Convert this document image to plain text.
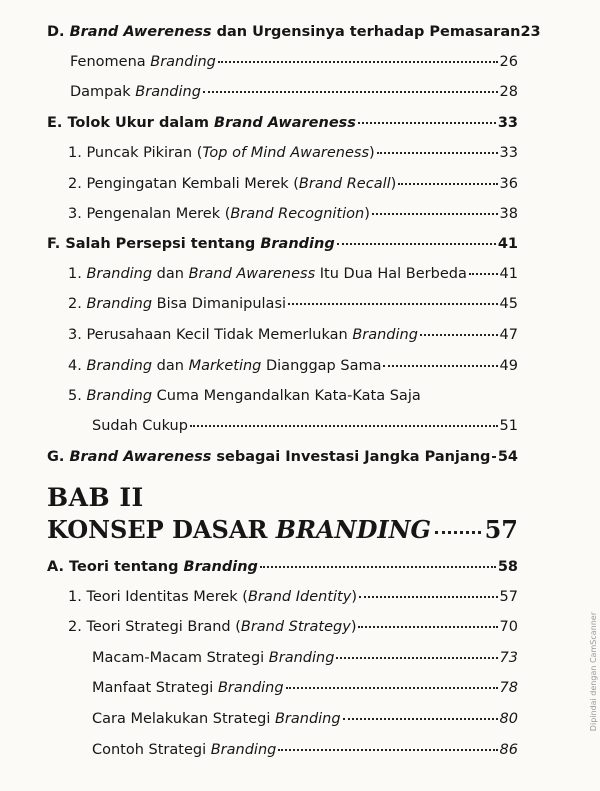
BAB II
KONSEP DASAR BRANDING 57
Dipindai dengan CamScanner
D. Brand Awereness dan Urgensinya terhadap Pemasaran 23
Fenomena Branding	26
Dampak Branding	28
E. Tolok Ukur dalam Brand Awareness	33
1. Puncak Pikiran (Top of Mind Awareness)	33
2. Pengingatan Kembali Merek (Brand Recall)	36
3. Pengenalan Merek (Brand Recognition)	38
F. Salah Persepsi tentang Branding	41
1. Branding dan Brand Awareness Itu Dua Hal Berbeda 41
2. Branding Bisa Dimanipulasi	45
3. Perusahaan Kecil Tidak Memerlukan Branding	47
4. Branding dan Marketing Dianggap Sama	49
5. Branding Cuma Mengandalkan Kata-Kata Saja
Sudah Cukup	51
G. Brand Awareness sebagai Investasi Jangka Panjang 54
A. Teori tentang Branding	58
1. Teori Identitas Merek (Brand Identity)	57
2. Teori Strategi Brand (Brand Strategy)	70
Macam-Macam Strategi Branding	73
Manfaat Strategi Branding	78
Cara Melakukan Strategi Branding	80
Contoh Strategi Branding	86
